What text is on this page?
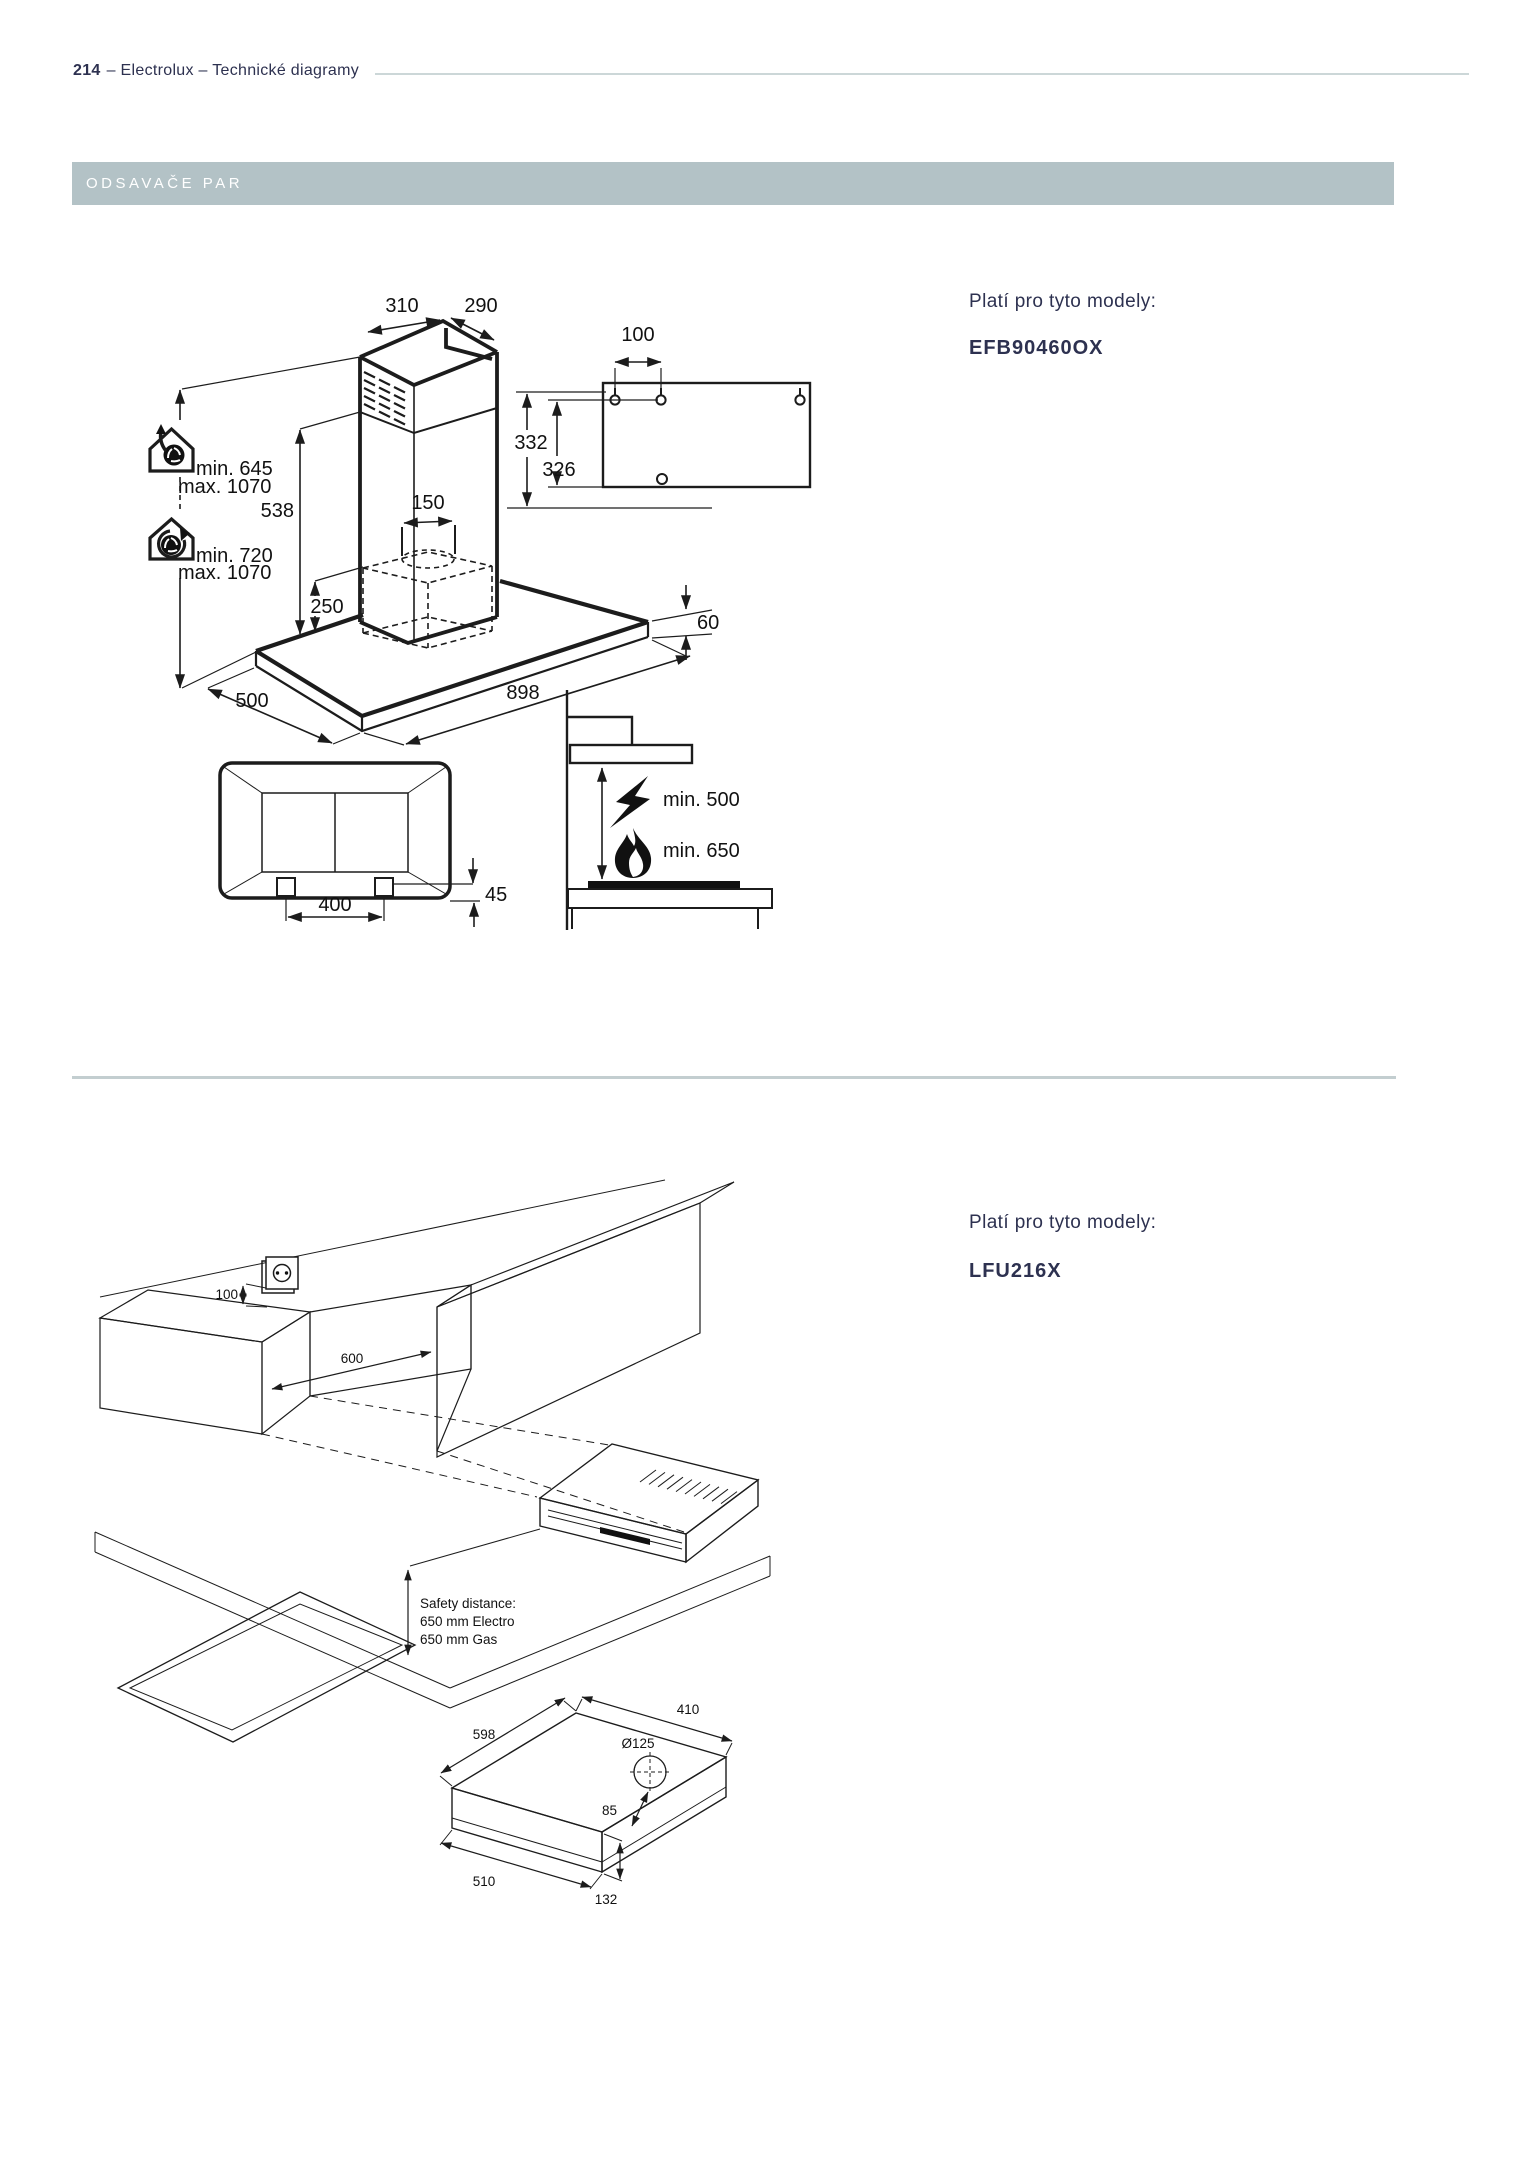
214 – Electrolux – Technické diagramy
ODSAVAČE PAR
Platí pro tyto modely:
EFB90460OX
310 290
min. 645
max. 1070
min. 720
max. 1070
538	150
250
500	898
60
100
332
326
min. 500
min. 650
45
400
Platí pro tyto modely:
LFU216X
600
100
Safety distance:
650 mm Electro
650 mm Gas
598
410
Ø125
85
510
132
